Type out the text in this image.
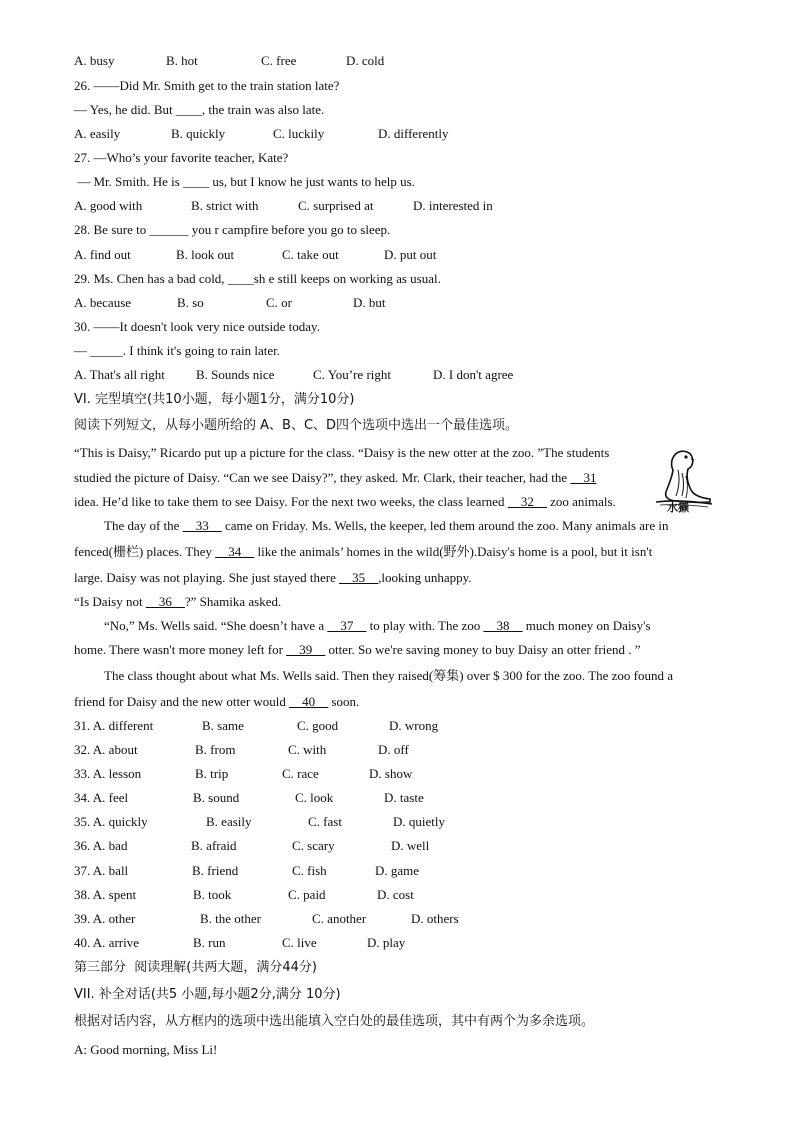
A. busy	B. hot	C. free	D. cold
26. ——Did Mr. Smith get to the train station late?
— Yes, he did. But ____, the train was also late.
A. easily	B. quickly	C. luckily	D. differently
27. —Who’s your favorite teacher, Kate?
— Mr. Smith. He is ____ us, but I know he just wants to help us.
A. good with	B. strict with	C. surprised at	D. interested in
28. Be sure to ______ you r campfire before you go to sleep.
A. find out	B. look out	C. take out	D. put out
29. Ms. Chen has a bad cold, ____sh e still keeps on working as usual.
A. because	B. so	C. or	D. but
30. ——It doesn't look very nice outside today.
— _____. I think it's going to rain later.
A. That's all right B. Sounds nice	C. You’re right	D. I don't agree
VI. 完型填空(共10小题，每小题1分，满分10分)
阅读下列短文，从每小题所给的 A、B、C、D四个选项中选出一个最佳选项。
“This is Daisy,” Ricardo put up a picture for the class. “Daisy is the new otter at the zoo. ”The students
studied the picture of Daisy. “Can we see Daisy?”, they asked. Mr. Clark, their teacher, had the __31
idea. He’d like to take them to see Daisy. For the next two weeks, the class learned __32__ zoo animals.	水獭
The day of the __33__ came on Friday. Ms. Wells, the keeper, led them around the zoo. Many animals are in
fenced(栅栏) places. They __34__ like the animals’ homes in the wild(野外).Daisy's home is a pool, but it isn't
large. Daisy was not playing. She just stayed there __35__,looking unhappy.
“Is Daisy not __36__?” Shamika asked.
“No,” Ms. Wells said. “She doesn’t have a __37__ to play with. The zoo __38__ much money on Daisy's
home. There wasn't more money left for __39__ otter. So we're saving money to buy Daisy an otter friend . ”
The class thought about what Ms. Wells said. Then they raised(筹集) over $ 300 for the zoo. The zoo found a
friend for Daisy and the new otter would __40__ soon.
31. A. different	B. same	C. good	D. wrong
32. A. about	B. from	C. with	D. off
33. A. lesson	B. trip	C. race	D. show
34. A. feel	B. sound	C. look	D. taste
35. A. quickly	B. easily	C. fast	D. quietly
36. A. bad	B. afraid	C. scary	D. well
37. A. ball	B. friend	C. fish	D. game
38. A. spent	B. took	C. paid	D. cost
39. A. other	B. the other	C. another	D. others
40. A. arrive	B. run	C. live	D. play
第三部分  阅读理解(共两大题，满分44分)
VII. 补全对话(共5 小题,每小题2分,满分 10分)
根据对话内容，从方框内的选项中选出能填入空白处的最佳选项，其中有两个为多余选项。
A: Good morning, Miss Li!
